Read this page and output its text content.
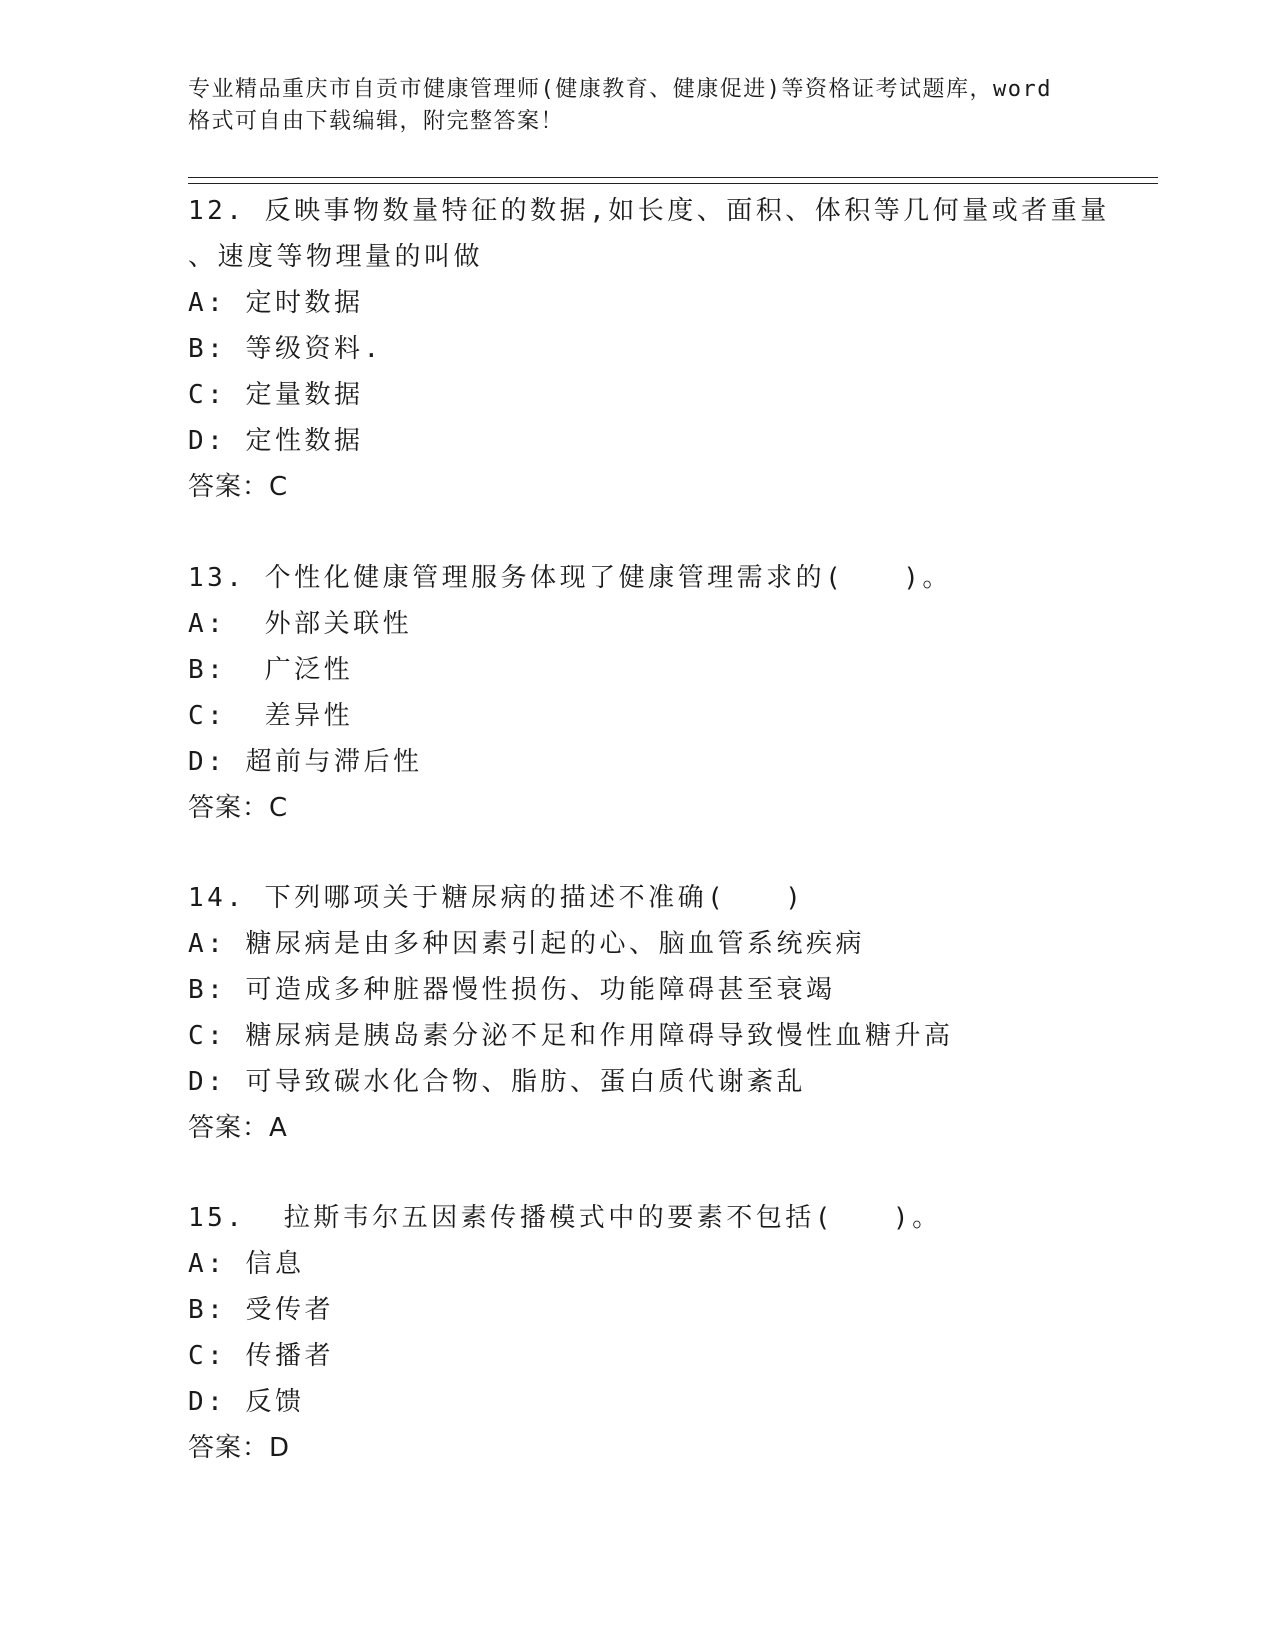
专业精品重庆市自贡市健康管理师(健康教育、健康促进)等资格证考试题库，word
格式可自由下载编辑，附完整答案！
12. 反映事物数量特征的数据,如长度、面积、体积等几何量或者重量
、速度等物理量的叫做
A: 定时数据
B: 等级资料.
C: 定量数据
D: 定性数据
答案：C
13. 个性化健康管理服务体现了健康管理需求的(　　)。
A:  外部关联性
B:  广泛性
C:  差异性
D: 超前与滞后性
答案：C
14. 下列哪项关于糖尿病的描述不准确(　　)
A: 糖尿病是由多种因素引起的心、脑血管系统疾病
B: 可造成多种脏器慢性损伤、功能障碍甚至衰竭
C: 糖尿病是胰岛素分泌不足和作用障碍导致慢性血糖升高
D: 可导致碳水化合物、脂肪、蛋白质代谢紊乱
答案：A
15.  拉斯韦尔五因素传播模式中的要素不包括(　　)。
A: 信息
B: 受传者
C: 传播者
D: 反馈
答案：D
